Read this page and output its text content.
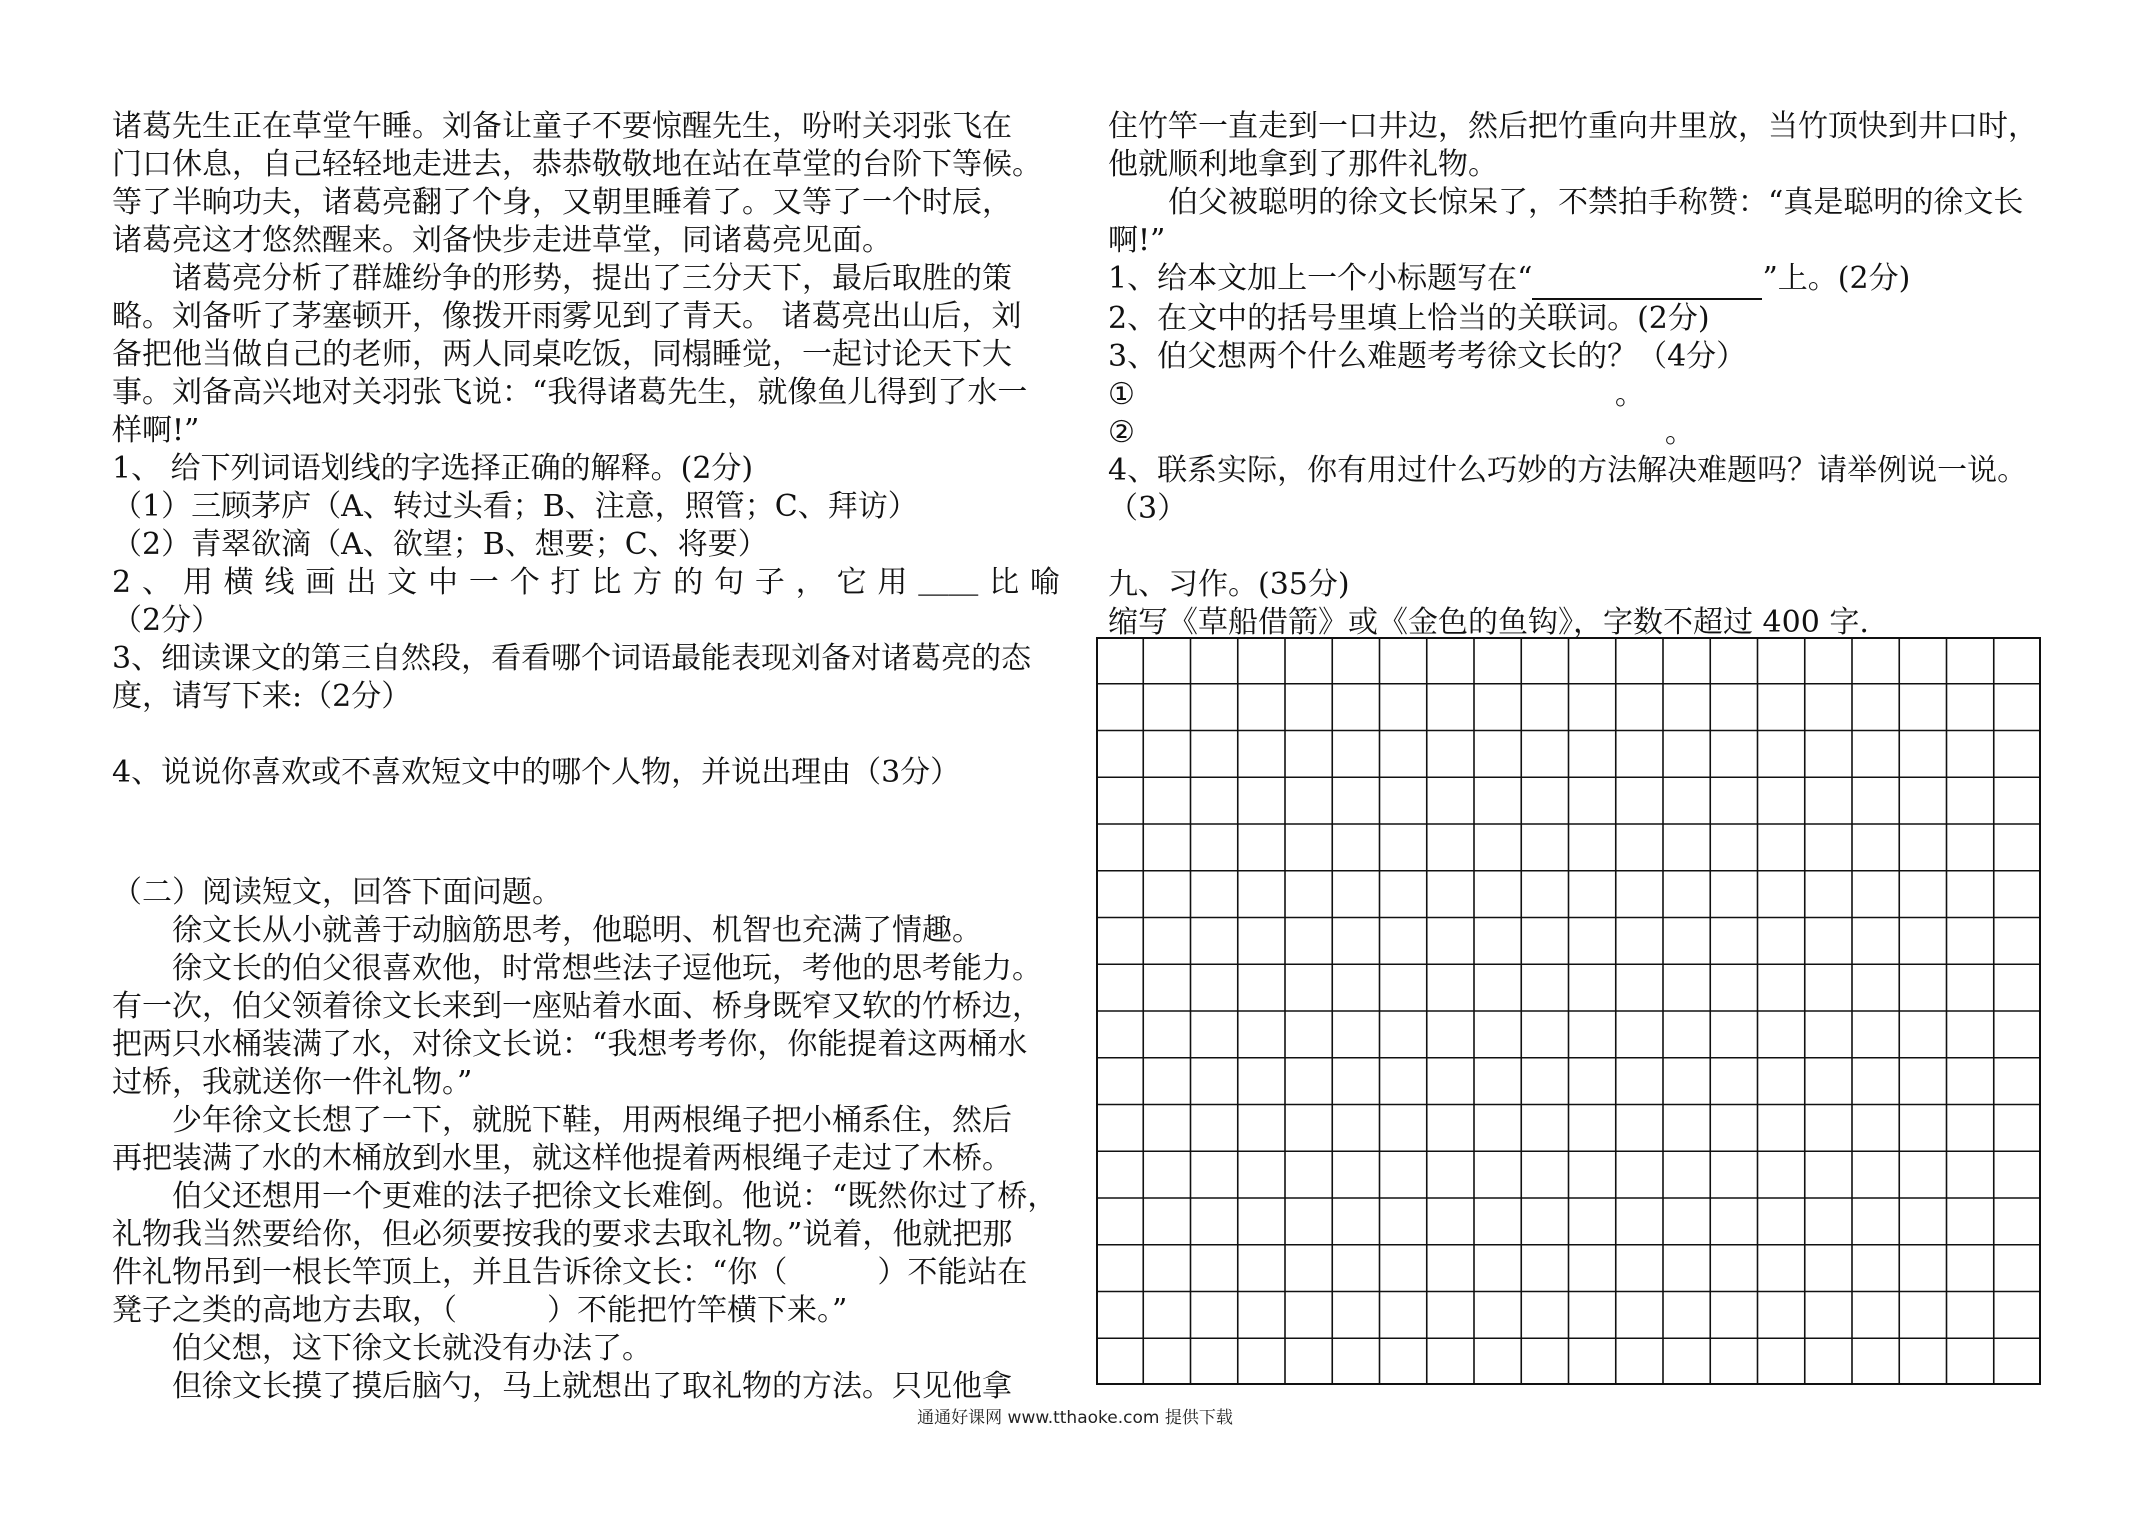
诸葛先生正在草堂午睡。刘备让童子不要惊醒先生，吩咐关羽张飞在
门口休息，自己轻轻地走进去，恭恭敬敬地在站在草堂的台阶下等候。
等了半晌功夫，诸葛亮翻了个身，又朝里睡着了。又等了一个时辰，
诸葛亮这才悠然醒来。刘备快步走进草堂，同诸葛亮见面。
诸葛亮分析了群雄纷争的形势，提出了三分天下，最后取胜的策
略。刘备听了茅塞顿开，像拨开雨雾见到了青天。 诸葛亮出山后，刘
备把他当做自己的老师，两人同桌吃饭，同榻睡觉，一起讨论天下大
事。刘备高兴地对关羽张飞说：“我得诸葛先生，就像鱼儿得到了水一
样啊!”
1、 给下列词语划线的字选择正确的解释。(2分)
（1）三顾茅庐（A、转过头看；B、注意，照管；C、拜访）
（2）青翠欲滴（A、欲望；B、想要；C、将要）
2 、 用 横 线 画 出 文 中 一 个 打 比 方 的 句 子 ， 它 用 ＿＿ 比 喻
（2分）
3、细读课文的第三自然段，看看哪个词语最能表现刘备对诸葛亮的态
度，请写下来:（2分）
4、说说你喜欢或不喜欢短文中的哪个人物，并说出理由（3分）
（二）阅读短文，回答下面问题。
徐文长从小就善于动脑筋思考，他聪明、机智也充满了情趣。
徐文长的伯父很喜欢他，时常想些法子逗他玩，考他的思考能力。
有一次，伯父领着徐文长来到一座贴着水面、桥身既窄又软的竹桥边，
把两只水桶装满了水，对徐文长说：“我想考考你，你能提着这两桶水
过桥，我就送你一件礼物。”
少年徐文长想了一下，就脱下鞋，用两根绳子把小桶系住，然后
再把装满了水的木桶放到水里，就这样他提着两根绳子走过了木桥。
伯父还想用一个更难的法子把徐文长难倒。他说：“既然你过了桥，
礼物我当然要给你，但必须要按我的要求去取礼物。”说着，他就把那
件礼物吊到一根长竿顶上，并且告诉徐文长：“你（　　　）不能站在
凳子之类的高地方去取，（　　　）不能把竹竿横下来。”
伯父想，这下徐文长就没有办法了。
但徐文长摸了摸后脑勺，马上就想出了取礼物的方法。只见他拿
住竹竿一直走到一口井边，然后把竹重向井里放，当竹顶快到井口时，
他就顺利地拿到了那件礼物。
伯父被聪明的徐文长惊呆了，不禁拍手称赞：“真是聪明的徐文长
啊!”
1、给本文加上一个小标题写在“	”上。(2分)
2、在文中的括号里填上恰当的关联词。(2分)
3、伯父想两个什么难题考考徐文长的？（4分）
①	。
②	。
4、联系实际，你有用过什么巧妙的方法解决难题吗？请举例说一说。
（3）
九、习作。(35分)
缩写《草船借箭》或《金色的鱼钩》，字数不超过 400 字.
通通好课网 www.tthaoke.com 提供下载
